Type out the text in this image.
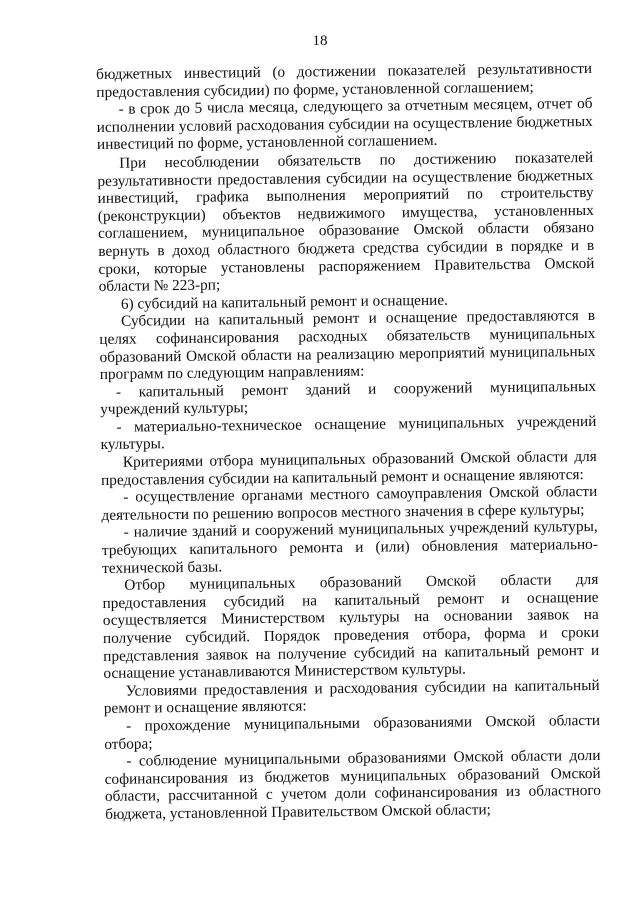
18

бюджетных инвестиций (о достижении показателей результативности предоставления субсидии) по форме, установленной соглашением;

- в срок до 5 числа месяца, следующего за отчетным месяцем, отчет об исполнении условий расходования субсидии на осуществление бюджетных инвестиций по форме, установленной соглашением.

При несоблюдении обязательств по достижению показателей результативности предоставления субсидии на осуществление бюджетных инвестиций, графика выполнения мероприятий по строительству (реконструкции) объектов недвижимого имущества, установленных соглашением, муниципальное образование Омской области обязано вернуть в доход областного бюджета средства субсидии в порядке и в сроки, которые установлены распоряжением Правительства Омской области № 223-рп;

6) субсидий на капитальный ремонт и оснащение.

Субсидии на капитальный ремонт и оснащение предоставляются в целях софинансирования расходных обязательств муниципальных образований Омской области на реализацию мероприятий муниципальных программ по следующим направлениям:

- капитальный ремонт зданий и сооружений муниципальных учреждений культуры;

- материально-техническое оснащение муниципальных учреждений культуры.

Критериями отбора муниципальных образований Омской области для предоставления субсидии на капитальный ремонт и оснащение являются:

- осуществление органами местного самоуправления Омской области деятельности по решению вопросов местного значения в сфере культуры;

- наличие зданий и сооружений муниципальных учреждений культуры, требующих капитального ремонта и (или) обновления материально-технической базы.

Отбор муниципальных образований Омской области для предоставления субсидий на капитальный ремонт и оснащение осуществляется Министерством культуры на основании заявок на получение субсидий. Порядок проведения отбора, форма и сроки представления заявок на получение субсидий на капитальный ремонт и оснащение устанавливаются Министерством культуры.

Условиями предоставления и расходования субсидии на капитальный ремонт и оснащение являются:

- прохождение муниципальными образованиями Омской области отбора;

- соблюдение муниципальными образованиями Омской области доли софинансирования из бюджетов муниципальных образований Омской области, рассчитанной с учетом доли софинансирования из областного бюджета, установленной Правительством Омской области;
